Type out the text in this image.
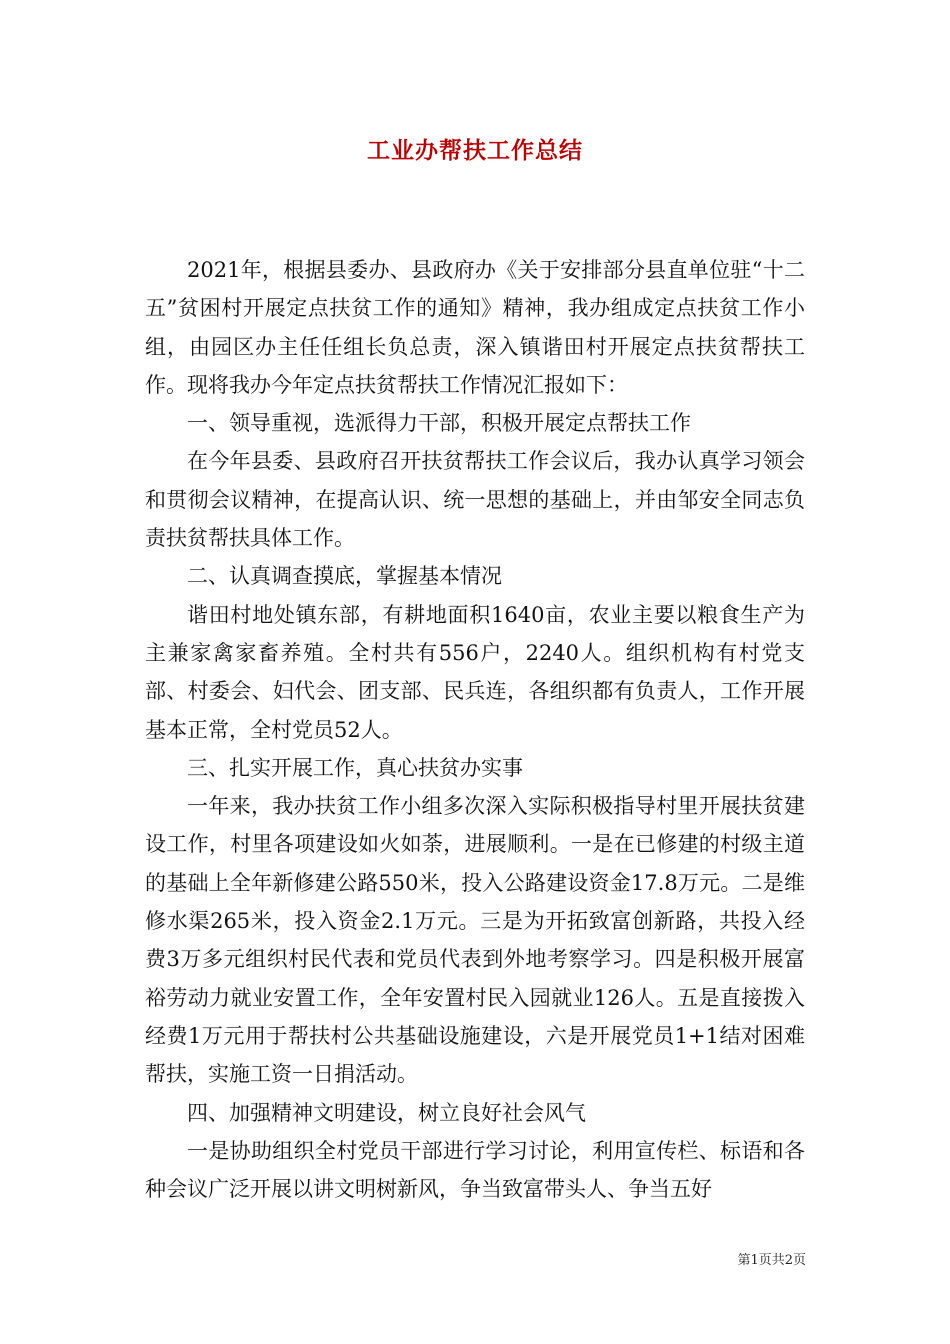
工业办帮扶工作总结

2021年，根据县委办、县政府办《关于安排部分县直单位驻“十二五”贫困村开展定点扶贫工作的通知》精神，我办组成定点扶贫工作小组，由园区办主任任组长负总责，深入镇谐田村开展定点扶贫帮扶工作。现将我办今年定点扶贫帮扶工作情况汇报如下：

一、领导重视，选派得力干部，积极开展定点帮扶工作

在今年县委、县政府召开扶贫帮扶工作会议后，我办认真学习领会和贯彻会议精神，在提高认识、统一思想的基础上，并由邹安全同志负责扶贫帮扶具体工作。

二、认真调查摸底，掌握基本情况

谐田村地处镇东部，有耕地面积1640亩，农业主要以粮食生产为主兼家禽家畜养殖。全村共有556户，2240人。组织机构有村党支部、村委会、妇代会、团支部、民兵连，各组织都有负责人，工作开展基本正常，全村党员52人。

三、扎实开展工作，真心扶贫办实事

一年来，我办扶贫工作小组多次深入实际积极指导村里开展扶贫建设工作，村里各项建设如火如荼，进展顺利。一是在已修建的村级主道的基础上全年新修建公路550米，投入公路建设资金17.8万元。二是维修水渠265米，投入资金2.1万元。三是为开拓致富创新路，共投入经费3万多元组织村民代表和党员代表到外地考察学习。四是积极开展富裕劳动力就业安置工作，全年安置村民入园就业126人。五是直接拨入经费1万元用于帮扶村公共基础设施建设，六是开展党员1+1结对困难帮扶，实施工资一日捐活动。

四、加强精神文明建设，树立良好社会风气

一是协助组织全村党员干部进行学习讨论，利用宣传栏、标语和各种会议广泛开展以讲文明树新风，争当致富带头人、争当五好

第1页共2页
